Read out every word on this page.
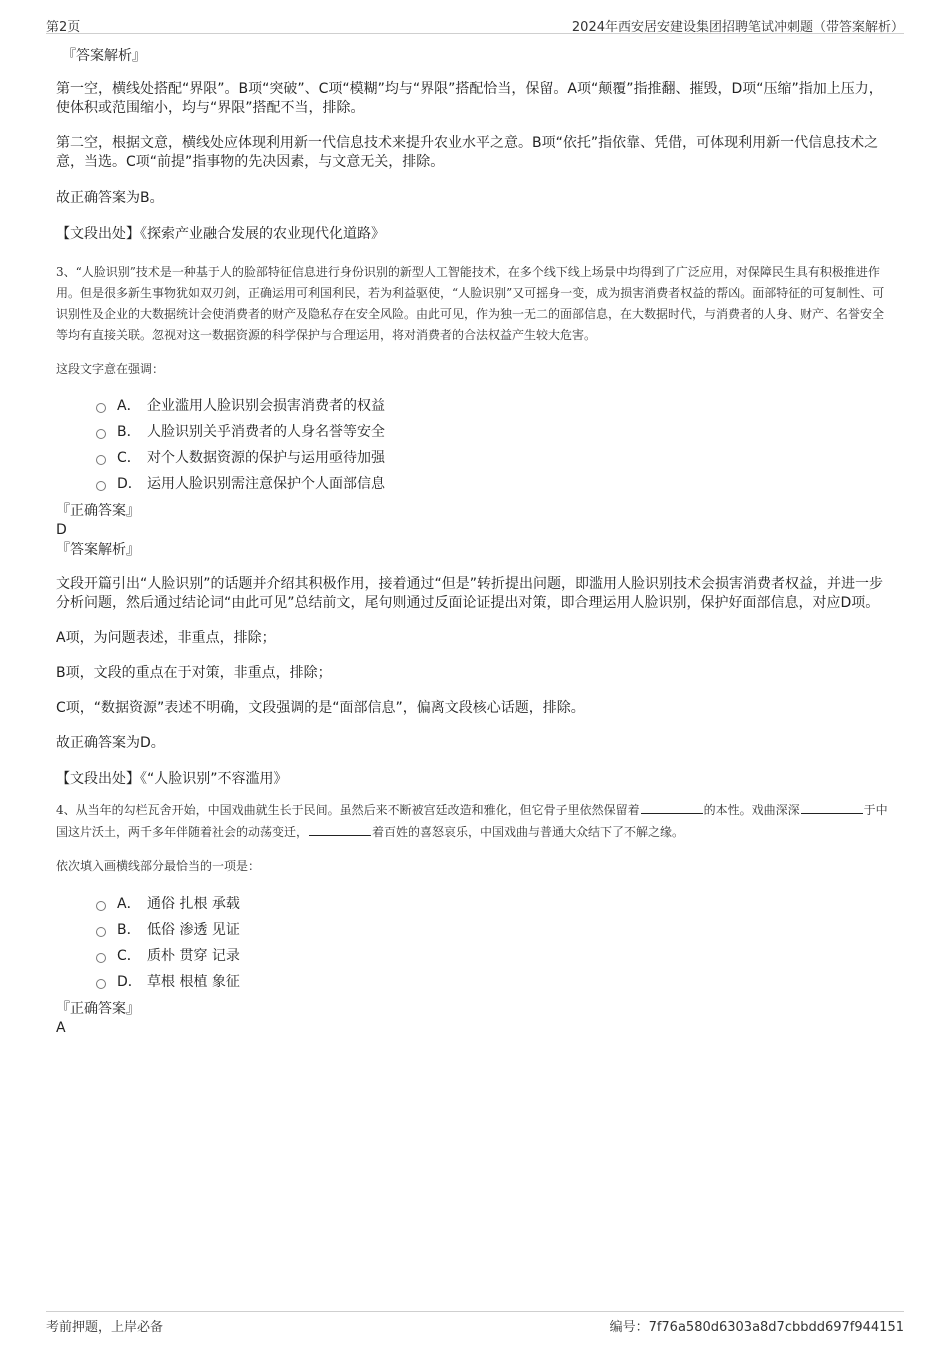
第2页	2024年西安居安建设集团招聘笔试冲刺题（带答案解析）
『答案解析』

第一空，横线处搭配“界限”。B项“突破”、C项“模糊”均与“界限”搭配恰当，保留。A项“颠覆”指推翻、摧毁，D项“压缩”指加上压力，使体积或范围缩小，均与“界限”搭配不当，排除。

第二空，根据文意，横线处应体现利用新一代信息技术来提升农业水平之意。B项“依托”指依靠、凭借，可体现利用新一代信息技术之意，当选。C项“前提”指事物的先决因素，与文意无关，排除。

故正确答案为B。

【文段出处】《探索产业融合发展的农业现代化道路》

3、“人脸识别”技术是一种基于人的脸部特征信息进行身份识别的新型人工智能技术，在多个线下线上场景中均得到了广泛应用，对保障民生具有积极推进作用。但是很多新生事物犹如双刃剑，正确运用可利国利民，若为利益驱使，“人脸识别”又可摇身一变，成为损害消费者权益的帮凶。面部特征的可复制性、可识别性及企业的大数据统计会使消费者的财产及隐私存在安全风险。由此可见，作为独一无二的面部信息，在大数据时代，与消费者的人身、财产、名誉安全等均有直接关联。忽视对这一数据资源的科学保护与合理运用，将对消费者的合法权益产生较大危害。
这段文字意在强调：
A． 企业滥用人脸识别会损害消费者的权益
B． 人脸识别关乎消费者的人身名誉等安全
C． 对个人数据资源的保护与运用亟待加强
D． 运用人脸识别需注意保护个人面部信息
『正确答案』
D
『答案解析』

文段开篇引出“人脸识别”的话题并介绍其积极作用，接着通过“但是”转折提出问题，即滥用人脸识别技术会损害消费者权益，并进一步分析问题，然后通过结论词“由此可见”总结前文，尾句则通过反面论证提出对策，即合理运用人脸识别，保护好面部信息，对应D项。

A项，为问题表述，非重点，排除；

B项，文段的重点在于对策，非重点，排除；

C项，“数据资源”表述不明确，文段强调的是“面部信息”，偏离文段核心话题，排除。

故正确答案为D。

【文段出处】《“人脸识别”不容滥用》

4、从当年的勾栏瓦舍开始，中国戏曲就生长于民间。虽然后来不断被宫廷改造和雅化，但它骨子里依然保留着	的本性。戏曲深深	于中国这片沃土，两千多年伴随着社会的动荡变迁，	着百姓的喜怒哀乐，中国戏曲与普通大众结下了不解之缘。
依次填入画横线部分最恰当的一项是：
A． 通俗 扎根 承载
B． 低俗 渗透 见证
C． 质朴 贯穿 记录
D． 草根 根植 象征
『正确答案』
A
考前押题，上岸必备	编号：7f76a580d6303a8d7cbbdd697f944151
